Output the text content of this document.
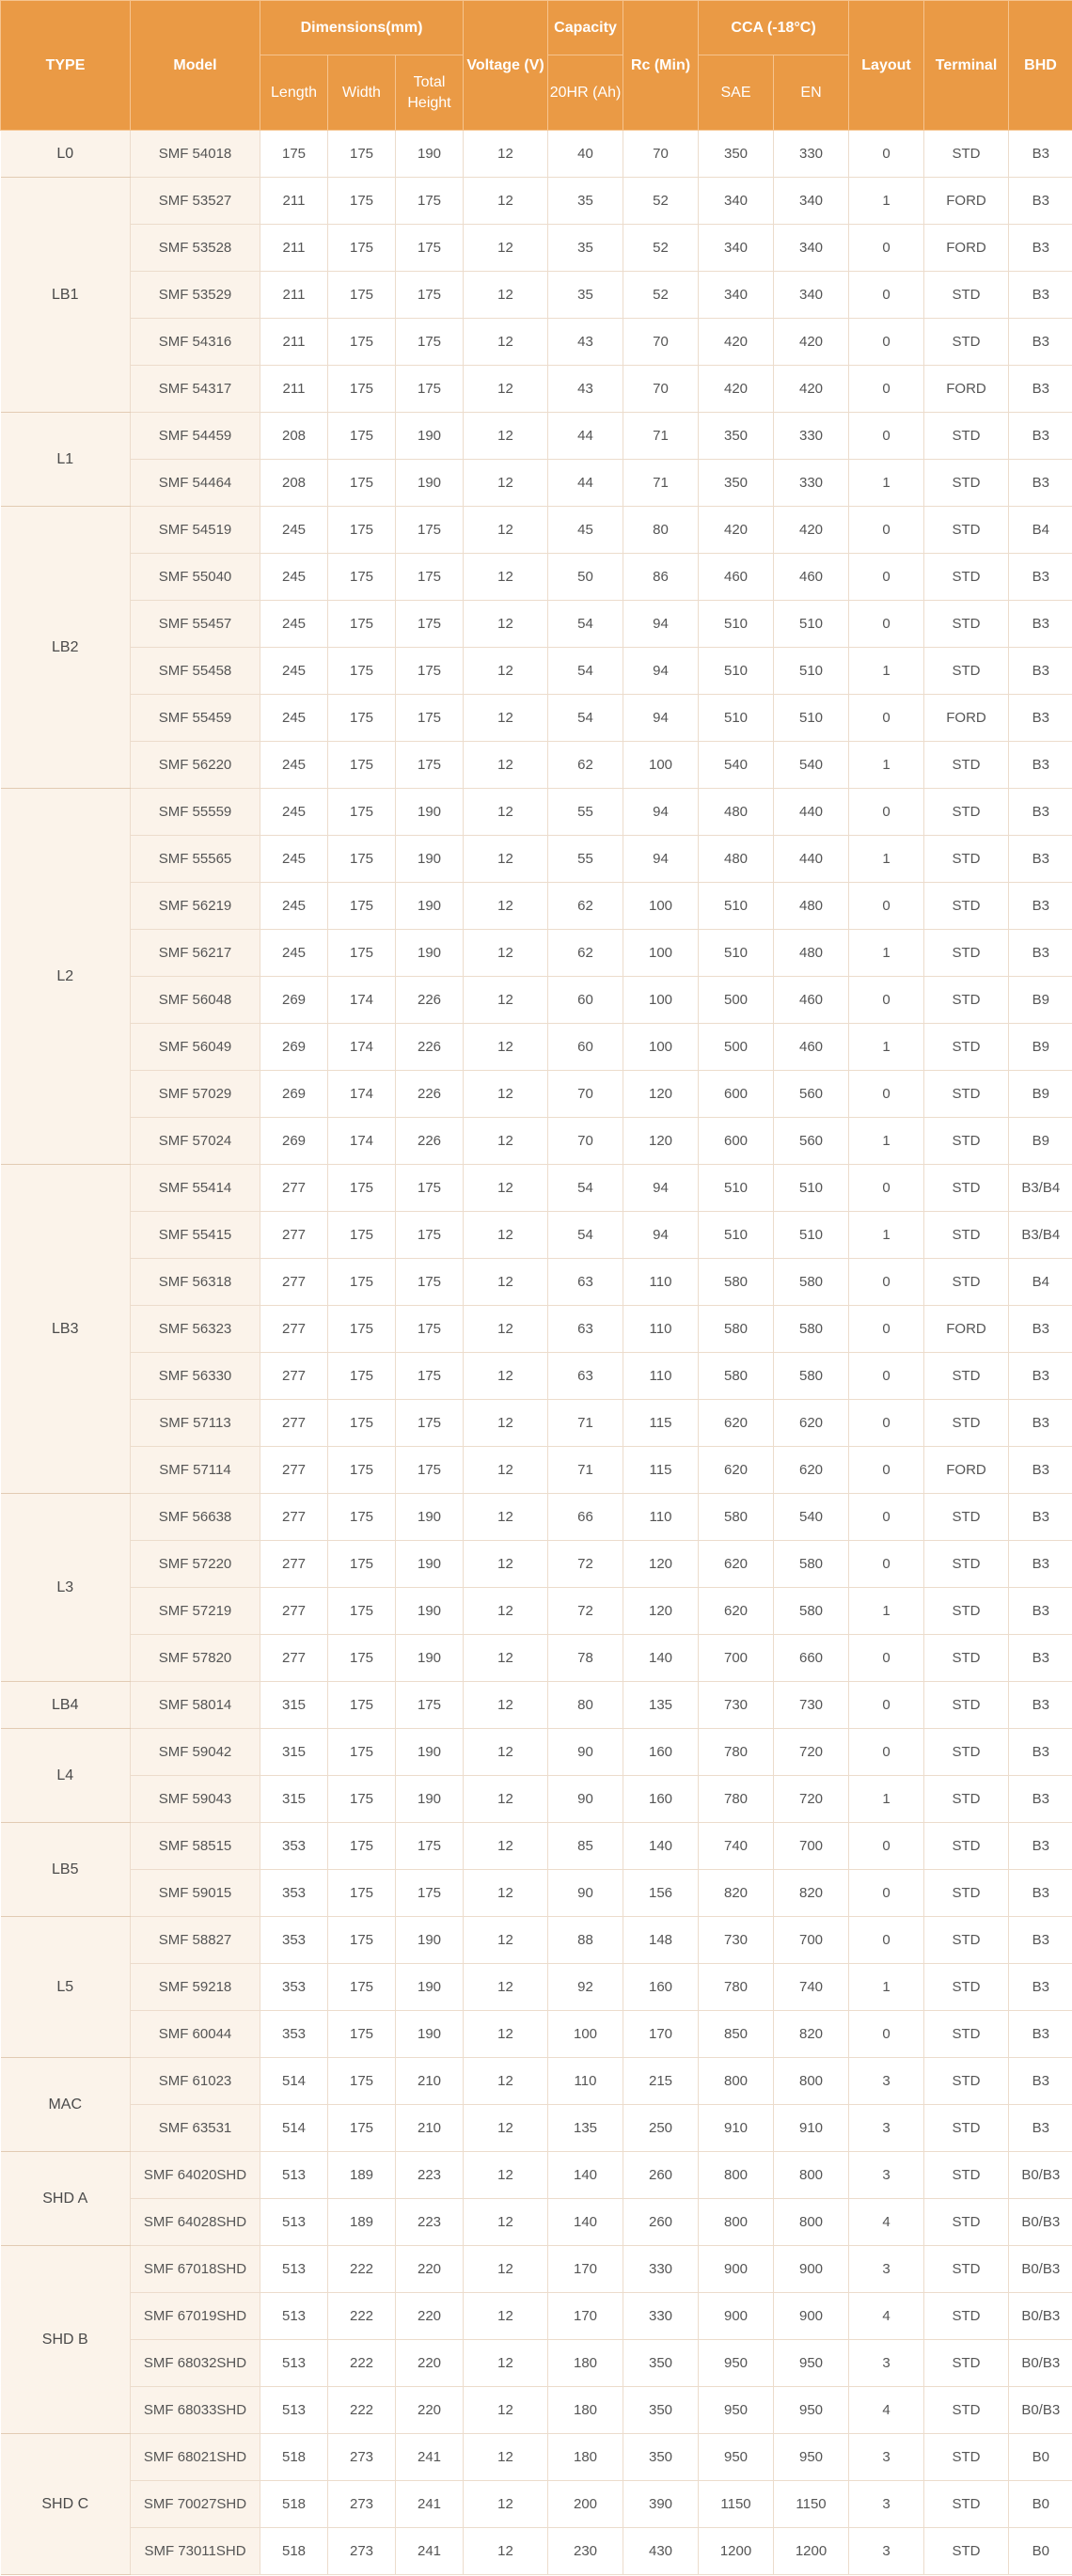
TYPE	Model	Dimensions(mm)			Voltage (V)	Capacity	Rc (Min)	CCA (-18°C)		Layout	Terminal	BHD
		Length	Width	Total Height		20HR (Ah)		SAE	EN			
L0	SMF 54018	175	175	190	12	40	70	350	330	0	STD	B3
LB1	SMF 53527	211	175	175	12	35	52	340	340	1	FORD	B3
	SMF 53528	211	175	175	12	35	52	340	340	0	FORD	B3
	SMF 53529	211	175	175	12	35	52	340	340	0	STD	B3
	SMF 54316	211	175	175	12	43	70	420	420	0	STD	B3
	SMF 54317	211	175	175	12	43	70	420	420	0	FORD	B3
L1	SMF 54459	208	175	190	12	44	71	350	330	0	STD	B3
	SMF 54464	208	175	190	12	44	71	350	330	1	STD	B3
LB2	SMF 54519	245	175	175	12	45	80	420	420	0	STD	B4
	SMF 55040	245	175	175	12	50	86	460	460	0	STD	B3
	SMF 55457	245	175	175	12	54	94	510	510	0	STD	B3
	SMF 55458	245	175	175	12	54	94	510	510	1	STD	B3
	SMF 55459	245	175	175	12	54	94	510	510	0	FORD	B3
	SMF 56220	245	175	175	12	62	100	540	540	1	STD	B3
L2	SMF 55559	245	175	190	12	55	94	480	440	0	STD	B3
	SMF 55565	245	175	190	12	55	94	480	440	1	STD	B3
	SMF 56219	245	175	190	12	62	100	510	480	0	STD	B3
	SMF 56217	245	175	190	12	62	100	510	480	1	STD	B3
	SMF 56048	269	174	226	12	60	100	500	460	0	STD	B9
	SMF 56049	269	174	226	12	60	100	500	460	1	STD	B9
	SMF 57029	269	174	226	12	70	120	600	560	0	STD	B9
	SMF 57024	269	174	226	12	70	120	600	560	1	STD	B9
LB3	SMF 55414	277	175	175	12	54	94	510	510	0	STD	B3/B4
	SMF 55415	277	175	175	12	54	94	510	510	1	STD	B3/B4
	SMF 56318	277	175	175	12	63	110	580	580	0	STD	B4
	SMF 56323	277	175	175	12	63	110	580	580	0	FORD	B3
	SMF 56330	277	175	175	12	63	110	580	580	0	STD	B3
	SMF 57113	277	175	175	12	71	115	620	620	0	STD	B3
	SMF 57114	277	175	175	12	71	115	620	620	0	FORD	B3
L3	SMF 56638	277	175	190	12	66	110	580	540	0	STD	B3
	SMF 57220	277	175	190	12	72	120	620	580	0	STD	B3
	SMF 57219	277	175	190	12	72	120	620	580	1	STD	B3
	SMF 57820	277	175	190	12	78	140	700	660	0	STD	B3
LB4	SMF 58014	315	175	175	12	80	135	730	730	0	STD	B3
L4	SMF 59042	315	175	190	12	90	160	780	720	0	STD	B3
	SMF 59043	315	175	190	12	90	160	780	720	1	STD	B3
LB5	SMF 58515	353	175	175	12	85	140	740	700	0	STD	B3
	SMF 59015	353	175	175	12	90	156	820	820	0	STD	B3
L5	SMF 58827	353	175	190	12	88	148	730	700	0	STD	B3
	SMF 59218	353	175	190	12	92	160	780	740	1	STD	B3
	SMF 60044	353	175	190	12	100	170	850	820	0	STD	B3
MAC	SMF 61023	514	175	210	12	110	215	800	800	3	STD	B3
	SMF 63531	514	175	210	12	135	250	910	910	3	STD	B3
SHD A	SMF 64020SHD	513	189	223	12	140	260	800	800	3	STD	B0/B3
	SMF 64028SHD	513	189	223	12	140	260	800	800	4	STD	B0/B3
SHD B	SMF 67018SHD	513	222	220	12	170	330	900	900	3	STD	B0/B3
	SMF 67019SHD	513	222	220	12	170	330	900	900	4	STD	B0/B3
	SMF 68032SHD	513	222	220	12	180	350	950	950	3	STD	B0/B3
	SMF 68033SHD	513	222	220	12	180	350	950	950	4	STD	B0/B3
SHD C	SMF 68021SHD	518	273	241	12	180	350	950	950	3	STD	B0
	SMF 70027SHD	518	273	241	12	200	390	1150	1150	3	STD	B0
	SMF 73011SHD	518	273	241	12	230	430	1200	1200	3	STD	B0
